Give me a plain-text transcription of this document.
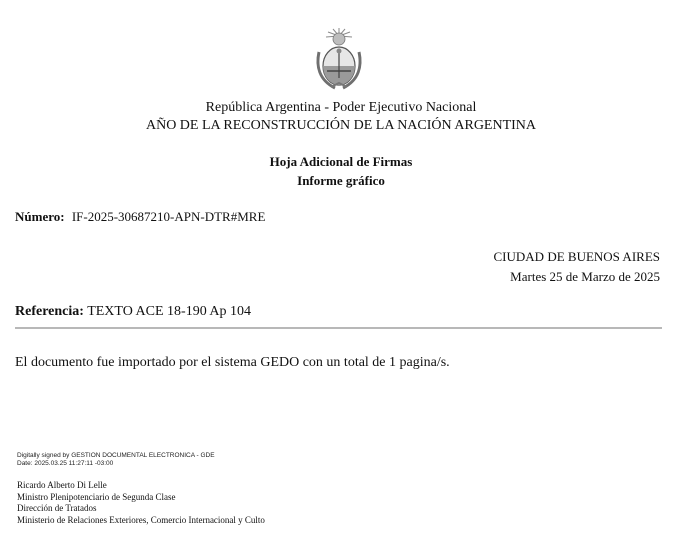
República Argentina - Poder Ejecutivo Nacional
AÑO DE LA RECONSTRUCCIÓN DE LA NACIÓN ARGENTINA
Hoja Adicional de Firmas
Informe gráfico
Número: IF-2025-30687210-APN-DTR#MRE
CIUDAD DE BUENOS AIRES
Martes 25 de Marzo de 2025
Referencia: TEXTO ACE 18-190 Ap 104
El documento fue importado por el sistema GEDO con un total de 1 pagina/s.
Digitally signed by GESTION DOCUMENTAL ELECTRONICA - GDE
Date: 2025.03.25 11:27:11 -03:00
Ricardo Alberto Di Lelle
Ministro Plenipotenciario de Segunda Clase
Dirección de Tratados
Ministerio de Relaciones Exteriores, Comercio Internacional y Culto
